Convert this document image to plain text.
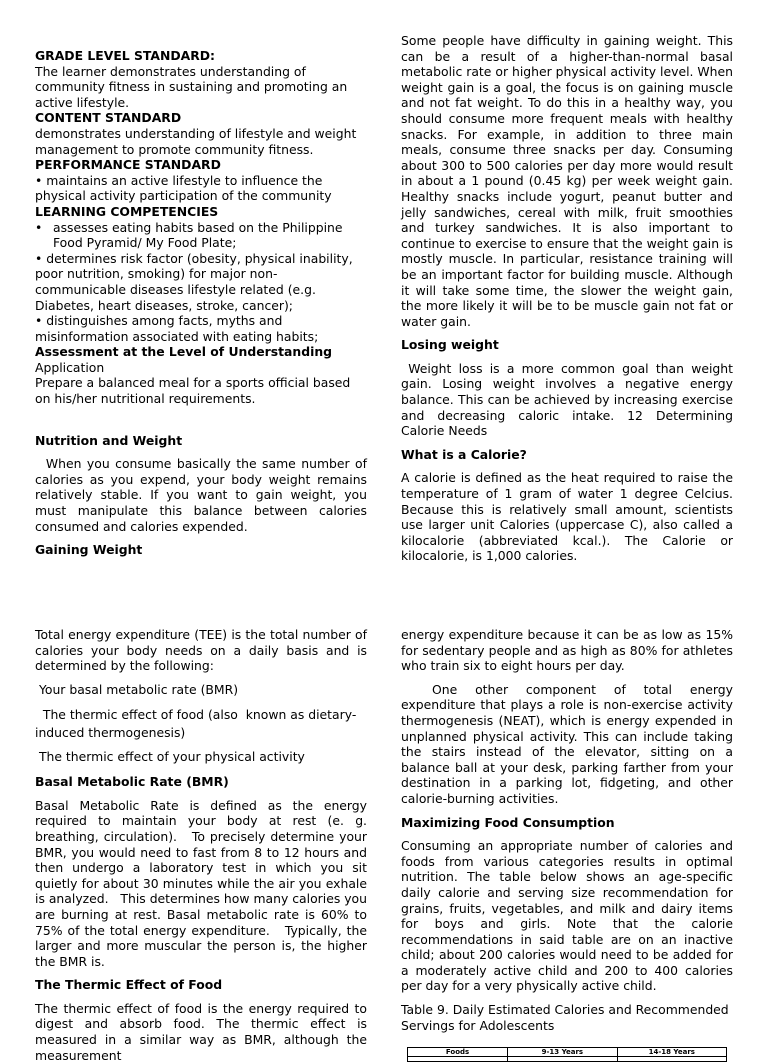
GRADE LEVEL STANDARD:

The learner demonstrates understanding of community fitness in sustaining and promoting an active lifestyle.

CONTENT STANDARD

demonstrates understanding of lifestyle and weight management to promote community fitness.

PERFORMANCE STANDARD

• maintains an active lifestyle to influence the physical activity participation of the community

LEARNING COMPETENCIES

• assesses eating habits based on the Philippine Food Pyramid/ My Food Plate;

• determines risk factor (obesity, physical inability, poor nutrition, smoking) for major non- communicable diseases lifestyle related (e.g. Diabetes, heart diseases, stroke, cancer);

• distinguishes among facts, myths and misinformation associated with eating habits;

Assessment at the Level of Understanding

Application

Prepare a balanced meal for a sports official based on his/her nutritional requirements.

Nutrition and Weight

When you consume basically the same number of calories as you expend, your body weight remains relatively stable. If you want to gain weight, you must manipulate this balance between calories consumed and calories expended.

Gaining Weight

Some people have difficulty in gaining weight. This can be a result of a higher-than-normal basal metabolic rate or higher physical activity level. When weight gain is a goal, the focus is on gaining muscle and not fat weight. To do this in a healthy way, you should consume more frequent meals with healthy snacks. For example, in addition to three main meals, consume three snacks per day. Consuming about 300 to 500 calories per day more would result in about a 1 pound (0.45 kg) per week weight gain. Healthy snacks include yogurt, peanut butter and jelly sandwiches, cereal with milk, fruit smoothies and turkey sandwiches. It is also important to continue to exercise to ensure that the weight gain is mostly muscle. In particular, resistance training will be an important factor for building muscle. Although it will take some time, the slower the weight gain, the more likely it will be to be muscle gain not fat or water gain.

Losing weight

Weight loss is a more common goal than weight gain. Losing weight involves a negative energy balance. This can be achieved by increasing exercise and decreasing caloric intake. 12 Determining Calorie Needs

What is a Calorie?

A calorie is defined as the heat required to raise the temperature of 1 gram of water 1 degree Celcius. Because this is relatively small amount, scientists use larger unit Calories (uppercase C), also called a kilocalorie (abbreviated kcal.). The Calorie or kilocalorie, is 1,000 calories.

Total energy expenditure (TEE) is the total number of calories your body needs on a daily basis and is determined by the following:

Your basal metabolic rate (BMR)

The thermic effect of food (also  known as dietary-induced thermogenesis)

The thermic effect of your physical activity

Basal Metabolic Rate (BMR)

Basal Metabolic Rate is defined as the energy required to maintain your body at rest (e. g. breathing, circulation).   To precisely determine your BMR, you would need to fast from 8 to 12 hours and then undergo a laboratory test in which you sit quietly for about 30 minutes while the air you exhale is analyzed.   This determines how many calories you are burning at rest. Basal metabolic rate is 60% to 75% of the total energy expenditure.   Typically, the larger and more muscular the person is, the higher the BMR is.

The Thermic Effect of Food

The thermic effect of food is the energy required to digest and absorb food. The thermic effect is measured in a similar way as BMR, although the measurement

energy expenditure because it can be as low as 15% for sedentary people and as high as 80% for athletes who train six to eight hours per day.

One other component of total energy expenditure that plays a role is non-exercise activity thermogenesis (NEAT), which is energy expended in unplanned physical activity. This can include taking the stairs instead of the elevator, sitting on a balance ball at your desk, parking farther from your destination in a parking lot, fidgeting, and other calorie-burning activities.

Maximizing Food Consumption

Consuming an appropriate number of calories and foods from various categories results in optimal nutrition. The table below shows an age-specific daily calorie and serving size recommendation for grains, fruits, vegetables, and milk and dairy items for boys and girls. Note that the calorie recommendations in said table are on an inactive child; about 200 calories would need to be added for a moderately active child and 200 to 400 calories per day for a very physically active child.

Table 9. Daily Estimated Calories and Recommended Servings for Adolescents

Foods	9-13 Years	14-18 Years
